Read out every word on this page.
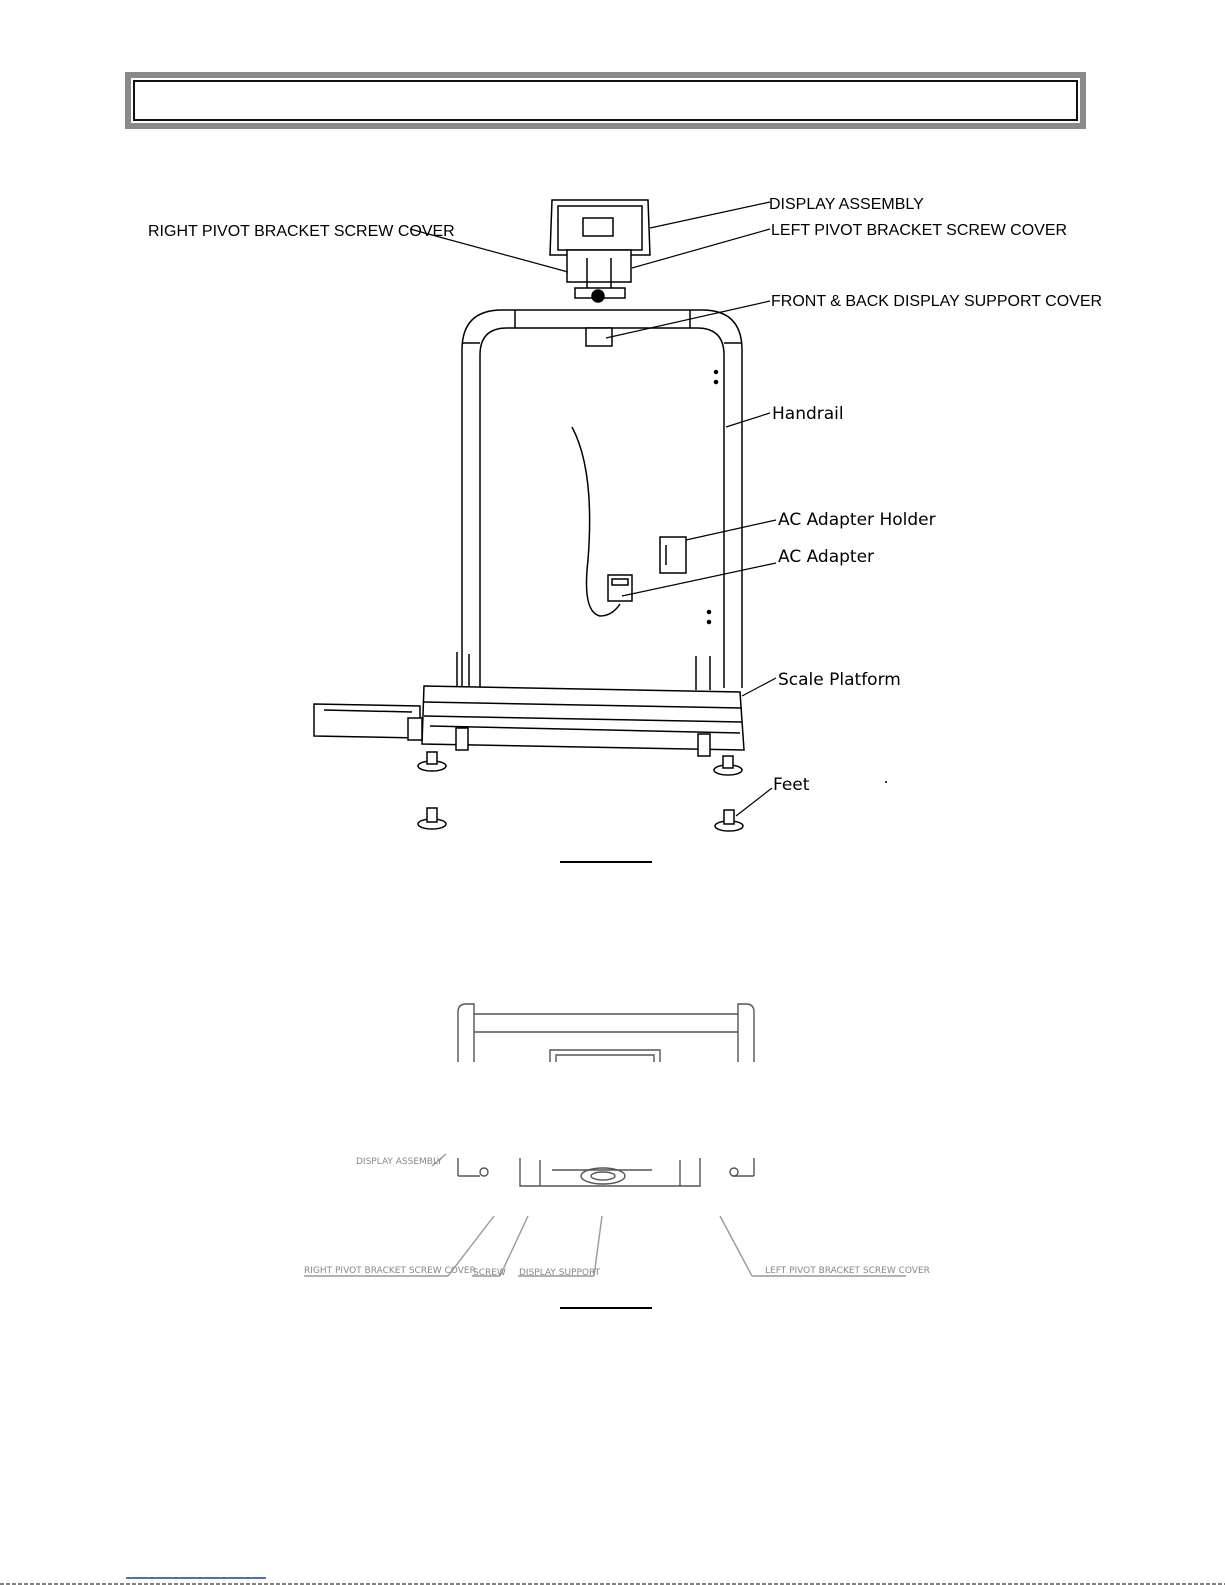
DISPLAY ASSEMBLY
RIGHT PIVOT BRACKET SCREW COVER	LEFT PIVOT BRACKET SCREW COVER
FRONT & BACK DISPLAY SUPPORT COVER
Handrail
AC Adapter Holder
AC Adapter
Scale Platform
Feet
DISPLAY ASSEMBLY
RIGHT PIVOT BRACKET SCREW COVER
SCREW DISPLAY SUPPORT	LEFT PIVOT BRACKET SCREW COVER
